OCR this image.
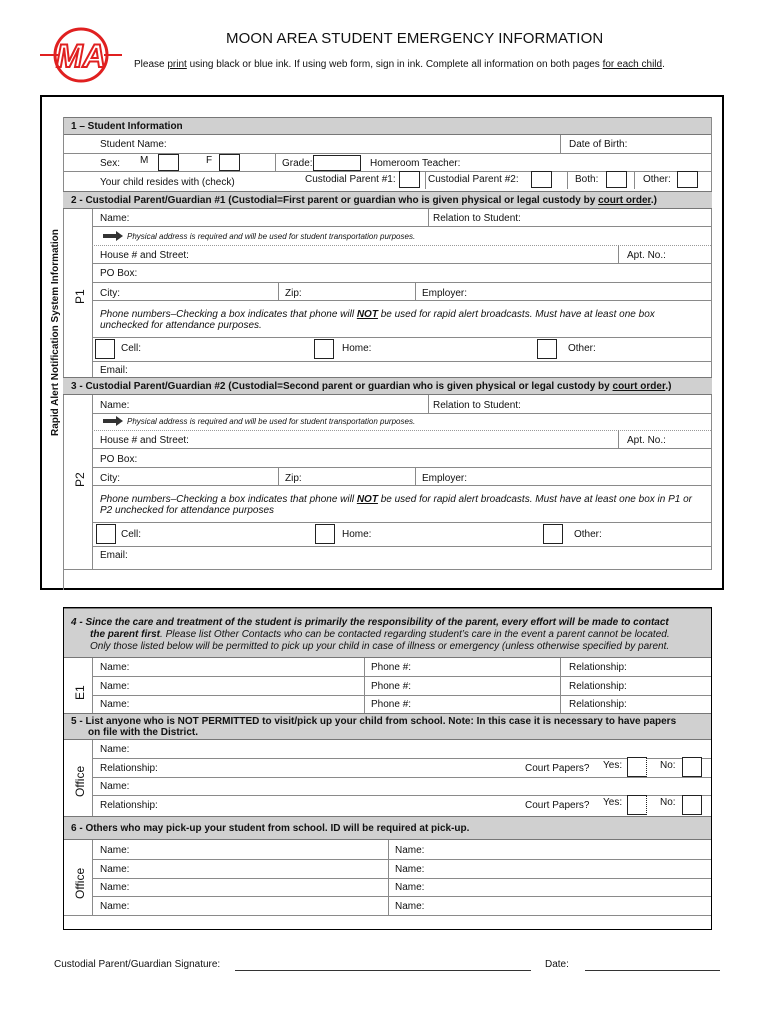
MA	MOON AREA STUDENT EMERGENCY INFORMATION
Please print using black or blue ink. If using web form, sign in ink. Complete all information on both pages for each child.
Rapid Alert Notification System Information
1 – Student Information
Student Name:	Date of Birth:
Sex: M	F	Grade:	Homeroom Teacher:
Your child resides with (check)	Custodial Parent #1:	Custodial Parent #2:	Both:	Other:
2 - Custodial Parent/Guardian #1 (Custodial=First parent or guardian who is given physical or legal custody by court order.)
P1
Name:	Relation to Student:
Physical address is required and will be used for student transportation purposes.
House # and Street:	Apt. No.:
PO Box:
City:	Zip:	Employer:
Phone numbers–Checking a box indicates that phone will NOT be used for rapid alert broadcasts. Must have at least one box
unchecked for attendance purposes.
Cell:	Home:	Other:
Email:
3 - Custodial Parent/Guardian #2 (Custodial=Second parent or guardian who is given physical or legal custody by court order.)
P2
Name:	Relation to Student:
Physical address is required and will be used for student transportation purposes.
House # and Street:	Apt. No.:
PO Box:
City:	Zip:	Employer:
Phone numbers–Checking a box indicates that phone will NOT be used for rapid alert broadcasts. Must have at least one box in P1 or
P2 unchecked for attendance purposes
Cell:	Home:	Other:
Email:
4 - Since the care and treatment of the student is primarily the responsibility of the parent, every effort will be made to contact
the parent first. Please list Other Contacts who can be contacted regarding student’s care in the event a parent cannot be located.
Only those listed below will be permitted to pick up your child in case of illness or emergency (unless otherwise specified by parent.
E1
Name:	Phone #:	Relationship:
Name:	Phone #:	Relationship:
Name:	Phone #:	Relationship:
5 - List anyone who is NOT PERMITTED to visit/pick up your child from school. Note: In this case it is necessary to have papers
on file with the District.
Office
Name:
Relationship:	Court Papers? Yes:	No:
Name:
Relationship:	Court Papers? Yes:	No:
6 - Others who may pick-up your student from school. ID will be required at pick-up.
Office
Name:	Name:
Name:	Name:
Name:	Name:
Name:	Name:
Custodial Parent/Guardian Signature:	Date:
